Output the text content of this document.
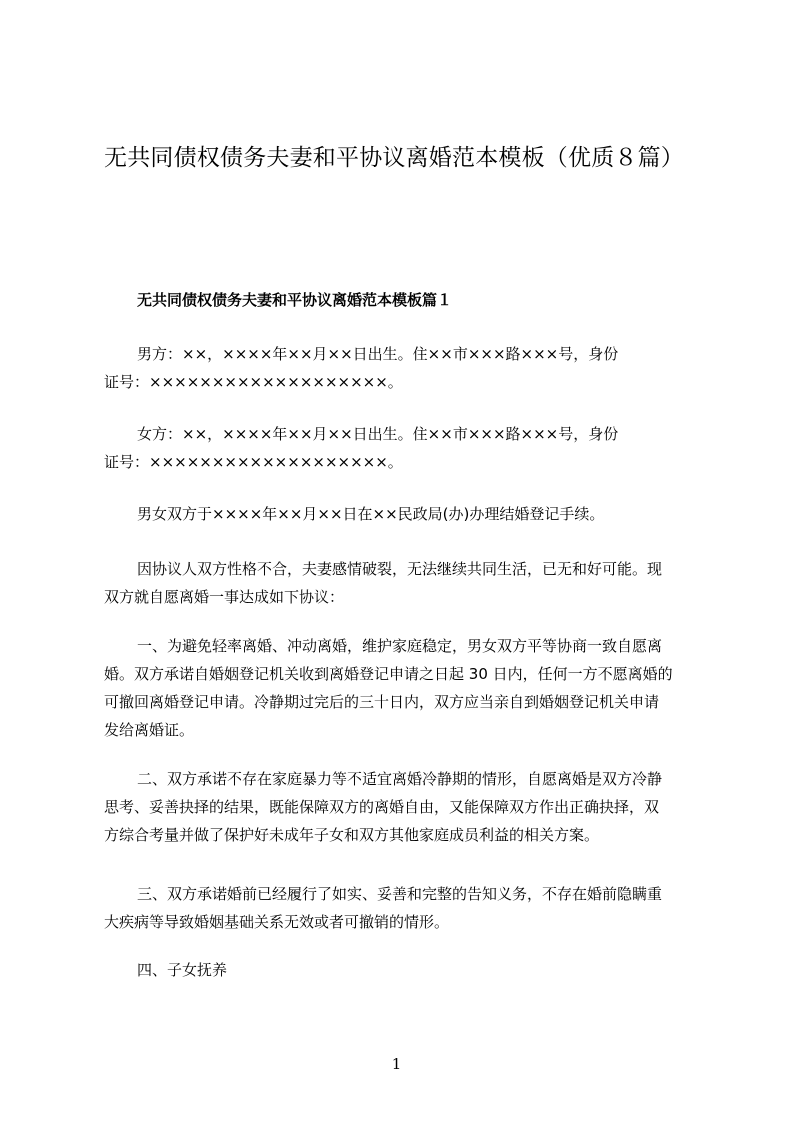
无共同债权债务夫妻和平协议离婚范本模板（优质８篇）
无共同债权债务夫妻和平协议离婚范本模板篇１

男方：××，××××年××月××日出生。住××市×××路×××号，身份
证号：×××××××××××××××××××。

女方：××，××××年××月××日出生。住××市×××路×××号，身份
证号：×××××××××××××××××××。

男女双方于××××年××月××日在××民政局(办)办理结婚登记手续。

因协议人双方性格不合，夫妻感情破裂，无法继续共同生活，已无和好可能。现
双方就自愿离婚一事达成如下协议：

一、为避免轻率离婚、冲动离婚，维护家庭稳定，男女双方平等协商一致自愿离
婚。双方承诺自婚姻登记机关收到离婚登记申请之日起 30 日内，任何一方不愿离婚的
可撤回离婚登记申请。冷静期过完后的三十日内，双方应当亲自到婚姻登记机关申请
发给离婚证。

二、双方承诺不存在家庭暴力等不适宜离婚冷静期的情形，自愿离婚是双方冷静
思考、妥善抉择的结果，既能保障双方的离婚自由，又能保障双方作出正确抉择，双
方综合考量并做了保护好未成年子女和双方其他家庭成员利益的相关方案。

三、双方承诺婚前已经履行了如实、妥善和完整的告知义务，不存在婚前隐瞒重
大疾病等导致婚姻基础关系无效或者可撤销的情形。

四、子女抚养

1
